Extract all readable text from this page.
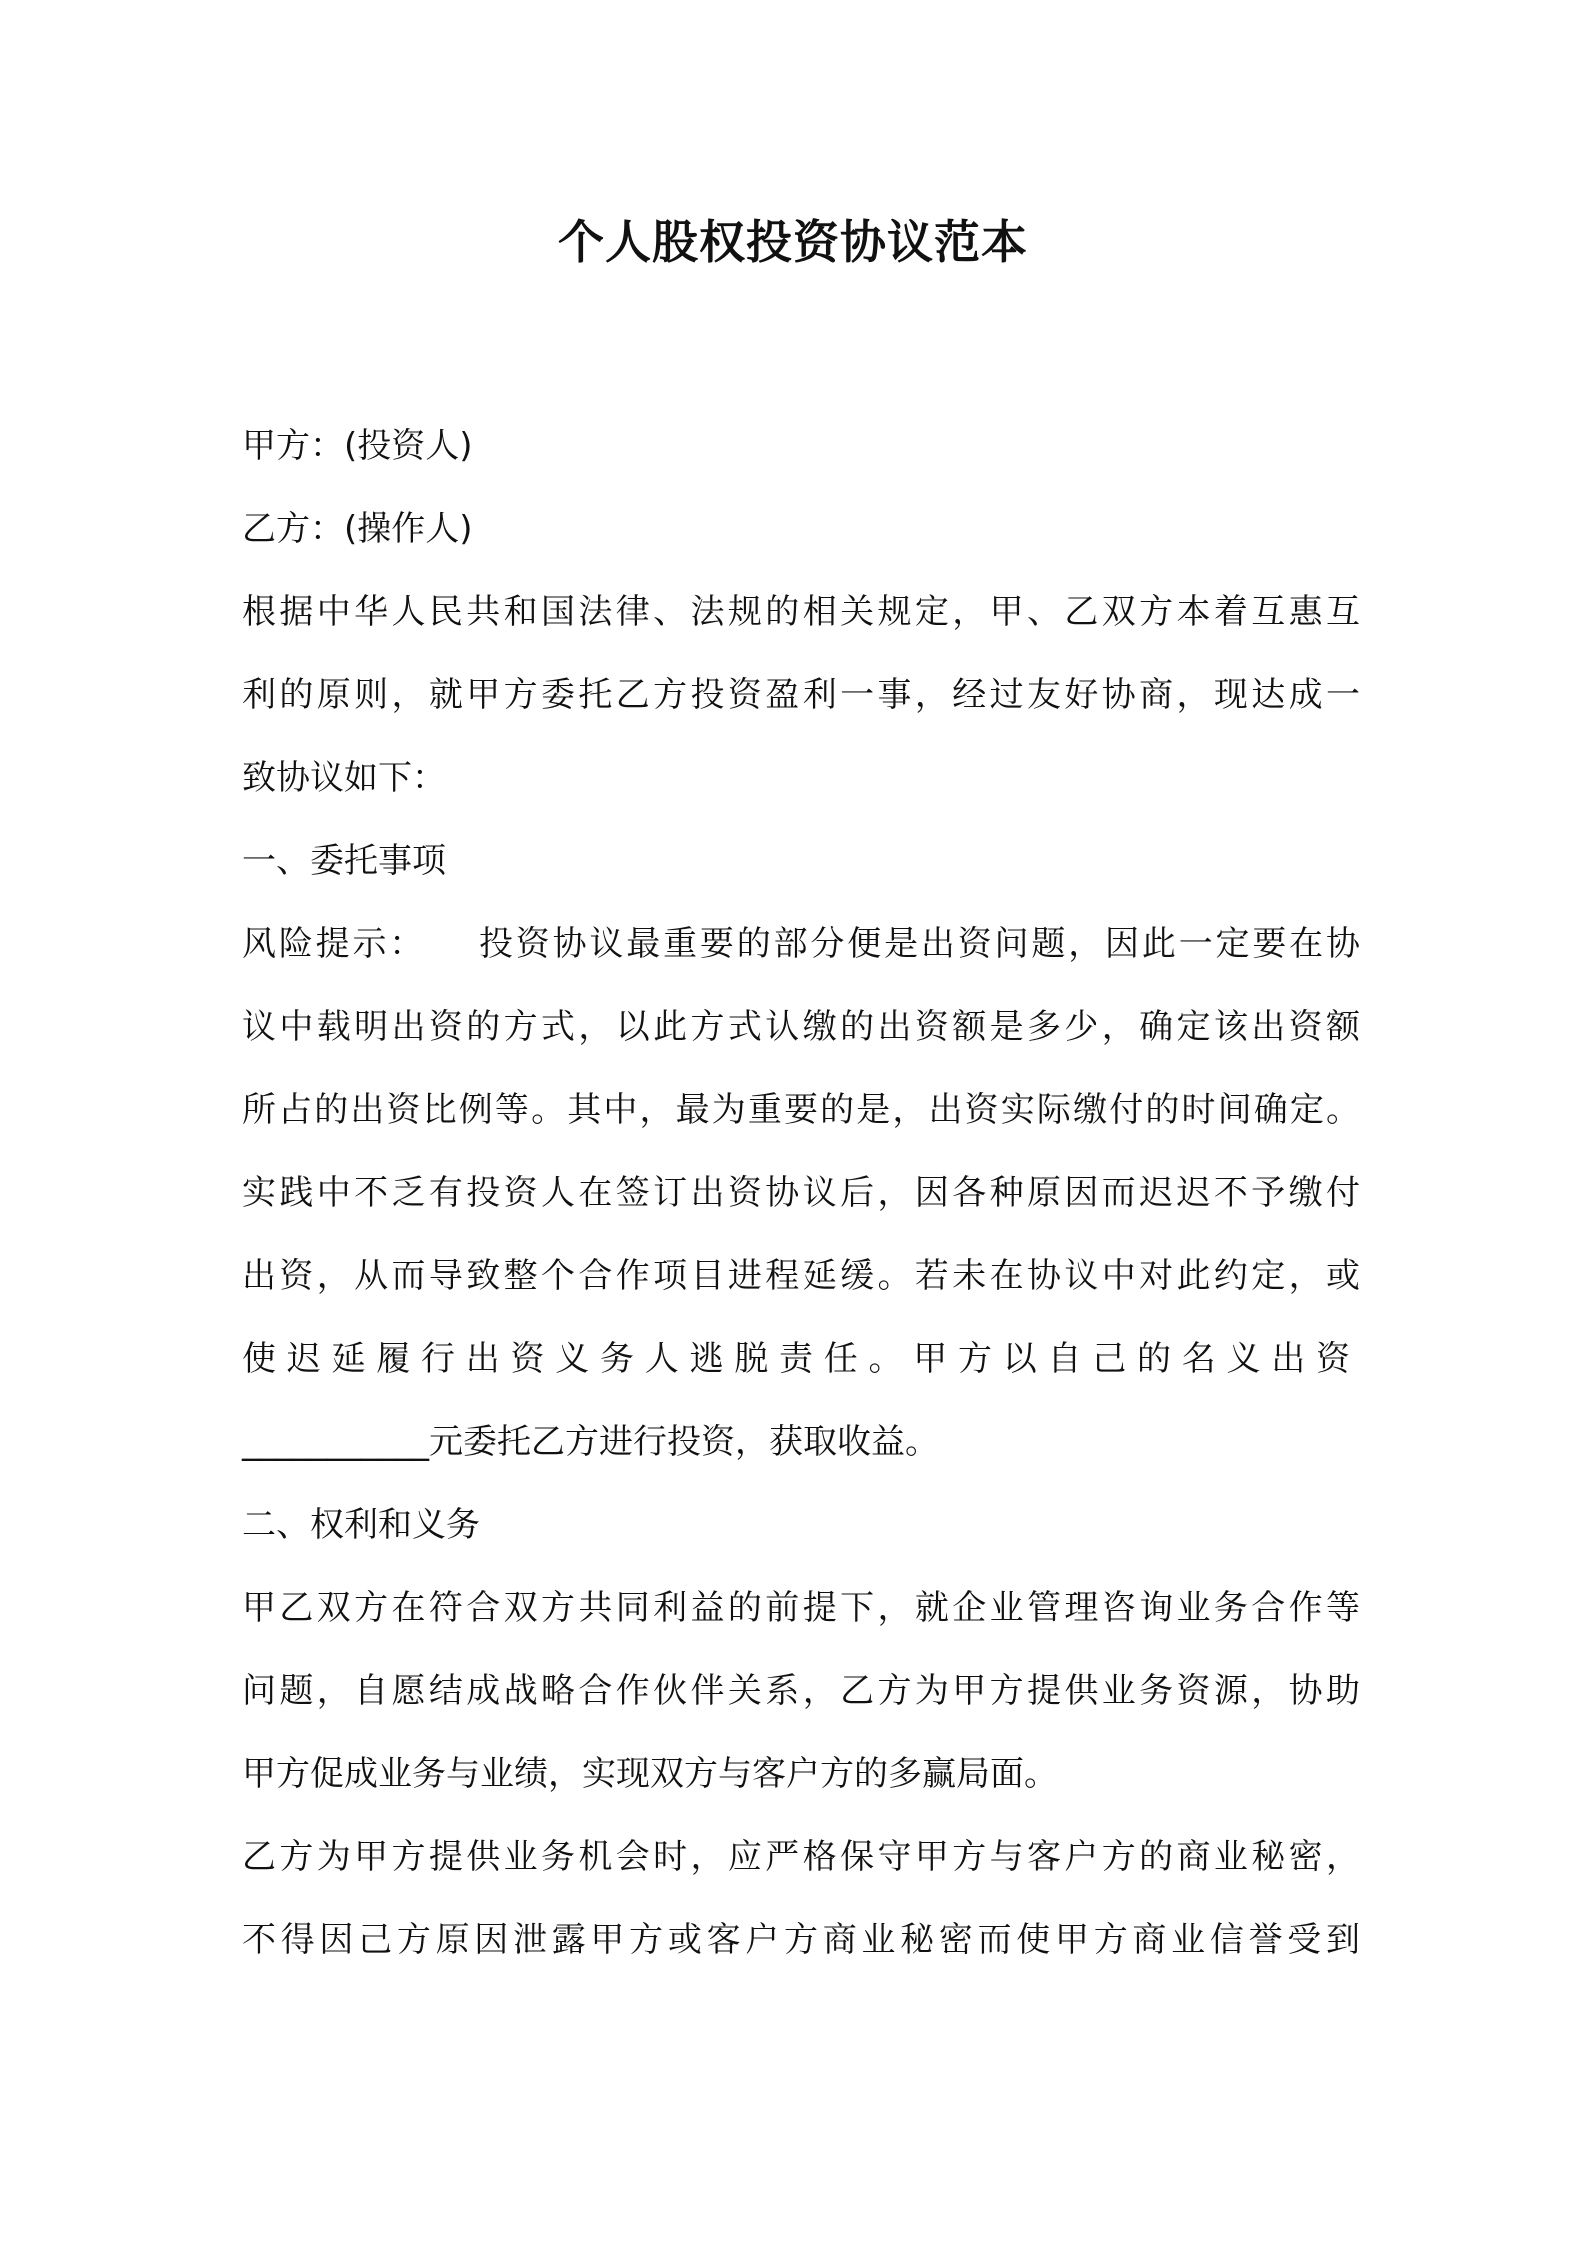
个人股权投资协议范本

甲方：(投资人)

乙方：(操作人)

根据中华人民共和国法律、法规的相关规定，甲、乙双方本着互惠互

利的原则，就甲方委托乙方投资盈利一事，经过友好协商，现达成一

致协议如下：

一、委托事项

风险提示： 投资协议最重要的部分便是出资问题，因此一定要在协

议中载明出资的方式，以此方式认缴的出资额是多少，确定该出资额

所占的出资比例等。其中，最为重要的是，出资实际缴付的时间确定。

实践中不乏有投资人在签订出资协议后，因各种原因而迟迟不予缴付

出资，从而导致整个合作项目进程延缓。若未在协议中对此约定，或

使迟延履行出资义务人逃脱责任。甲方以自己的名义出资

___________元委托乙方进行投资，获取收益。

二、权利和义务

甲乙双方在符合双方共同利益的前提下，就企业管理咨询业务合作等

问题，自愿结成战略合作伙伴关系，乙方为甲方提供业务资源，协助

甲方促成业务与业绩，实现双方与客户方的多赢局面。

乙方为甲方提供业务机会时，应严格保守甲方与客户方的商业秘密，

不得因己方原因泄露甲方或客户方商业秘密而使甲方商业信誉受到
